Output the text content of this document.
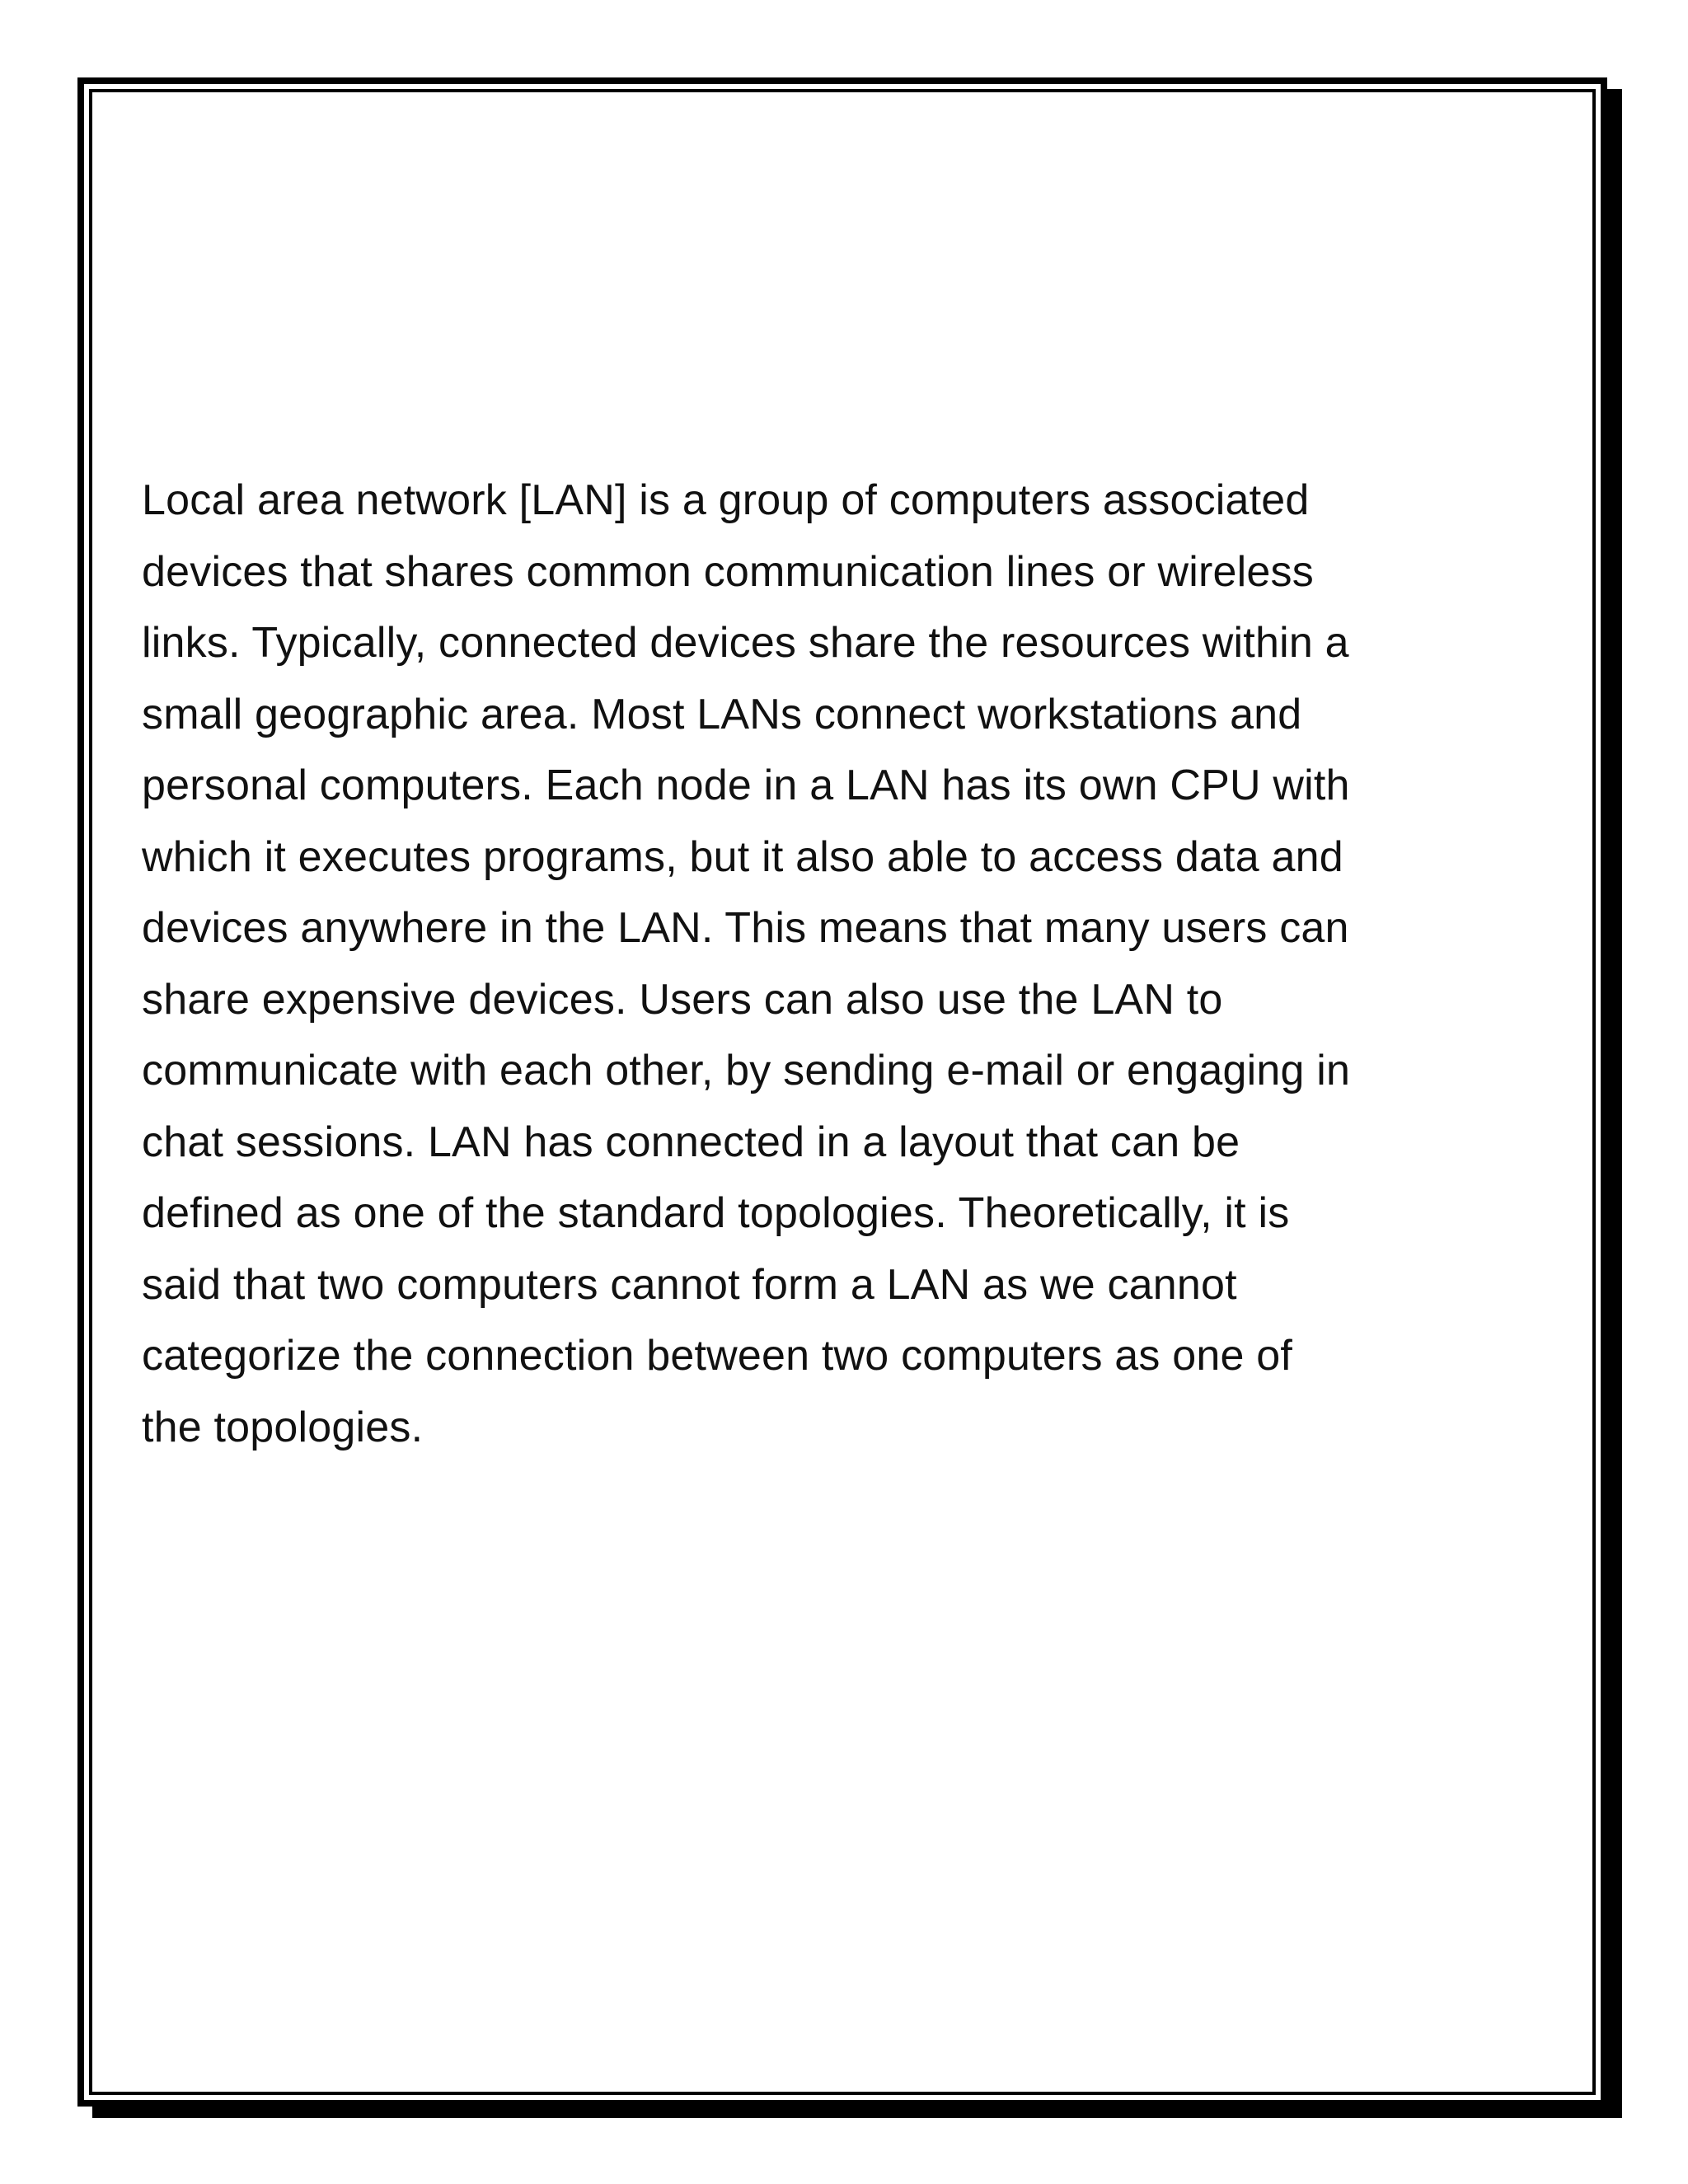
Local area network [LAN] is a group of computers associated
devices that shares common communication lines or wireless
links. Typically, connected devices share the resources within a
small geographic area. Most LANs connect workstations and
personal computers. Each node in a LAN has its own CPU with
which it executes programs, but it also able to access data and
devices anywhere in the LAN. This means that many users can
share expensive devices. Users can also use the LAN to
communicate with each other, by sending e-mail or engaging in
chat sessions. LAN has connected in a layout that can be
defined as one of the standard topologies. Theoretically, it is
said that two computers cannot form a LAN as we cannot
categorize the connection between two computers as one of
the topologies.
